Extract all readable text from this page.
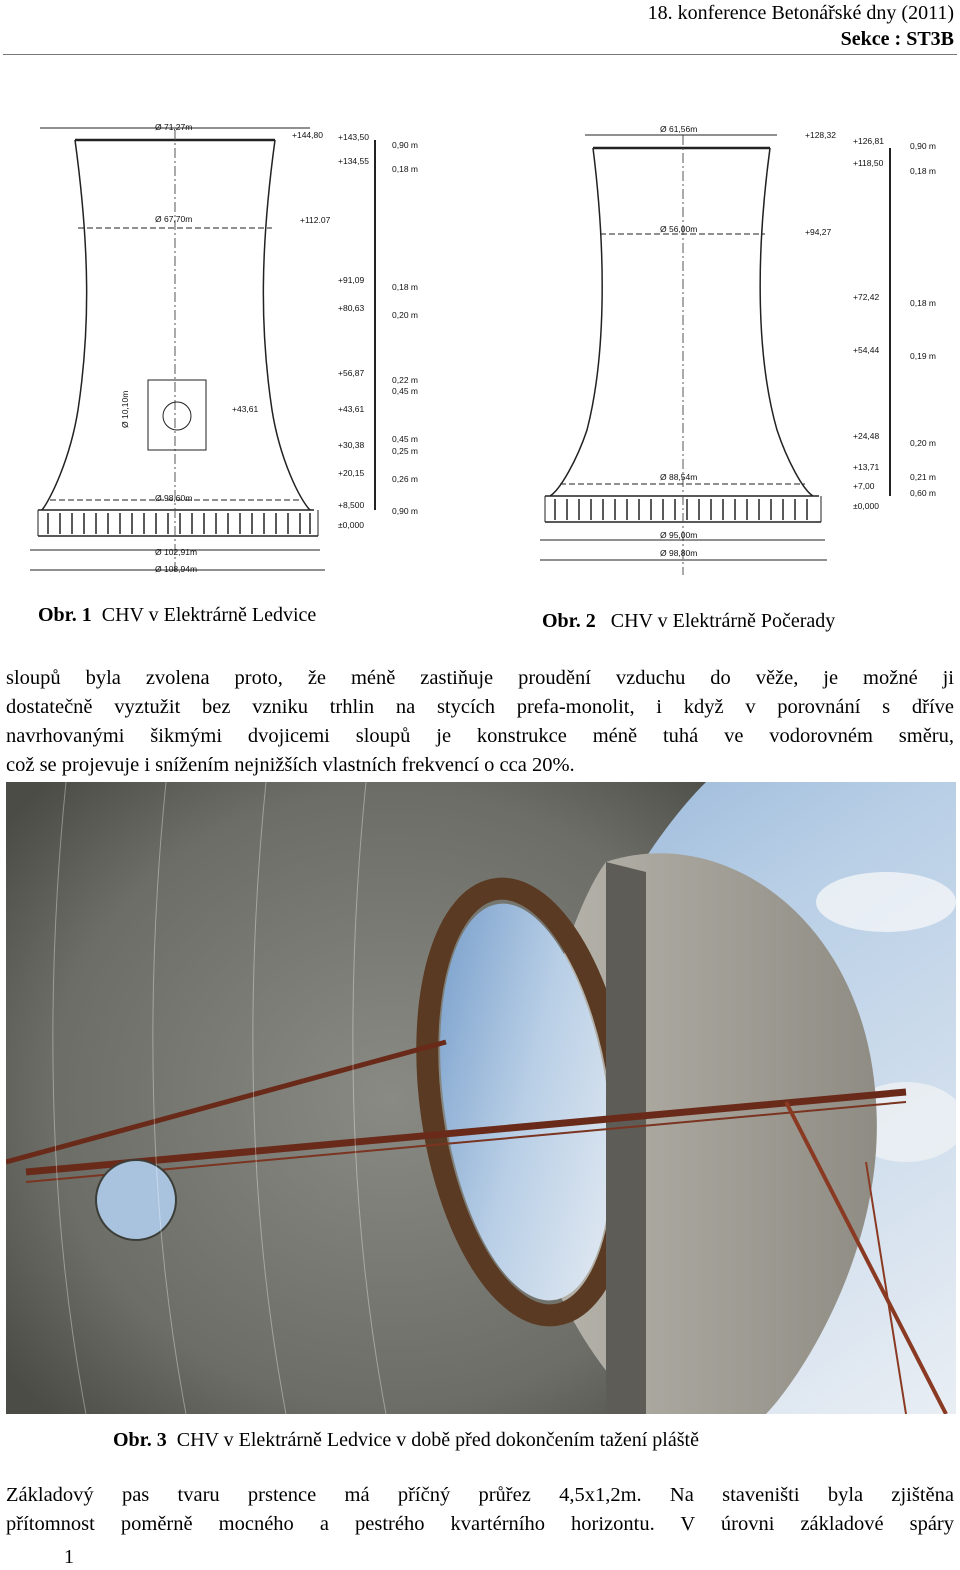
18. konference Betonářské dny (2011)
Sekce : ST3B
Ø 71,27m
Ø 67,70m
Ø 98,60m
Ø 102,91m
Ø 108,94m
Ø 10,10m
+144,80 +143,50
+134,55
+112.07
+91,09
+80,63
+56,87
+43,61	+43,61
+30,38
+20,15
+8,500
±0,000
0,90 m
0,18 m
0,18 m
0,20 m
0,22 m
0,45 m
0,45 m
0,25 m
0,26 m
0,90 m
Ø 61,56m
Ø 56,00m
Ø 88,54m
Ø 95,00m
Ø 98,80m
+128,32
+126,81
+118,50
+94,27
+72,42
+54,44
+24,48
+13,71
+7,00
±0,000
0,90 m
0,18 m
0,18 m
0,19 m
0,20 m
0,21 m
0,60 m
Obr. 1 CHV v Elektrárně Ledvice	Obr. 2 CHV v Elektrárně Počerady
sloupů byla zvolena proto, že méně zastiňuje proudění vzduchu do věže, je možné ji
dostatečně vyztužit bez vzniku trhlin na stycích prefa-monolit, i když v porovnání s dříve
navrhovanými šikmými dvojicemi sloupů je konstrukce méně tuhá ve vodorovném směru,
což se projevuje i snížením nejnižších vlastních frekvencí o cca 20%.
Obr. 3 CHV v Elektrárně Ledvice v době před dokončením tažení pláště
Základový pas tvaru prstence má příčný průřez 4,5x1,2m. Na staveništi byla zjištěna
přítomnost poměrně mocného a pestrého kvartérního horizontu. V úrovni základové spáry
1
